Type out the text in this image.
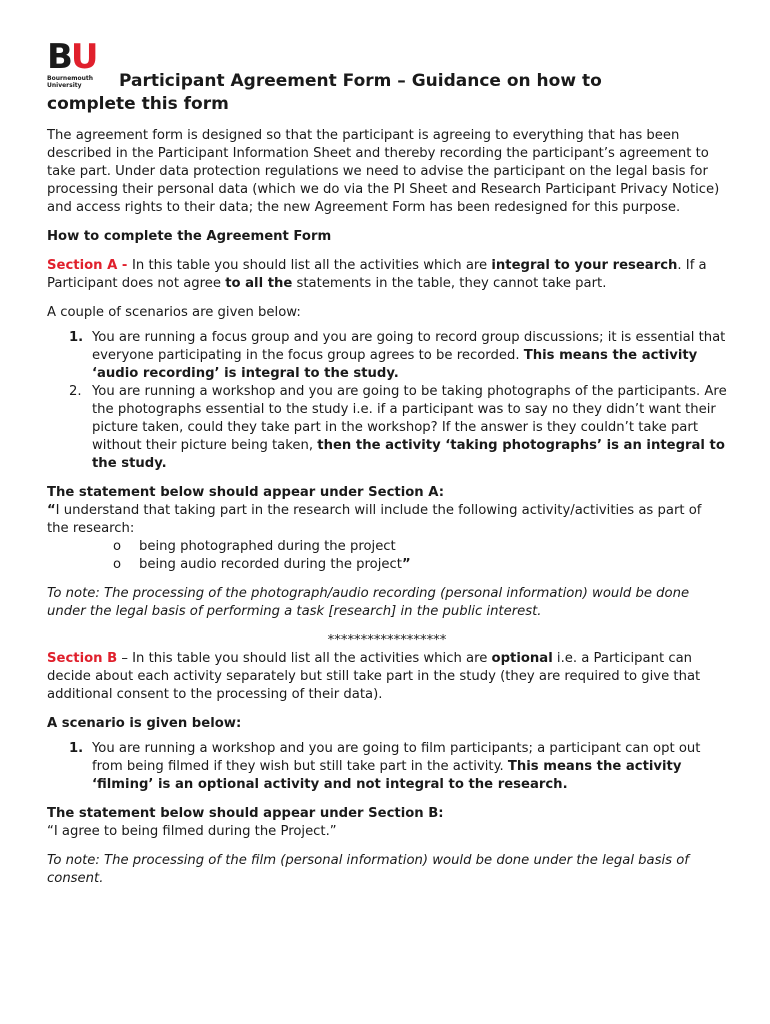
BU
Bournemouth
University	Participant Agreement Form – Guidance on how to
complete this form

The agreement form is designed so that the participant is agreeing to everything that has been described in the Participant Information Sheet and thereby recording the participant’s agreement to take part. Under data protection regulations we need to advise the participant on the legal basis for processing their personal data (which we do via the PI Sheet and Research Participant Privacy Notice) and access rights to their data; the new Agreement Form has been redesigned for this purpose.

How to complete the Agreement Form

Section A - In this table you should list all the activities which are integral to your research. If a Participant does not agree to all the statements in the table, they cannot take part.

A couple of scenarios are given below:

1. You are running a focus group and you are going to record group discussions; it is essential that everyone participating in the focus group agrees to be recorded. This means the activity ‘audio recording’ is integral to the study.
2. You are running a workshop and you are going to be taking photographs of the participants. Are the photographs essential to the study i.e. if a participant was to say no they didn’t want their picture taken, could they take part in the workshop? If the answer is they couldn’t take part without their picture being taken, then the activity ‘taking photographs’ is an integral to the study.

The statement below should appear under Section A:

“I understand that taking part in the research will include the following activity/activities as part of the research:

o being photographed during the project
o being audio recorded during the project”

To note: The processing of the photograph/audio recording (personal information) would be done under the legal basis of performing a task [research] in the public interest.

******************

Section B – In this table you should list all the activities which are optional i.e. a Participant can decide about each activity separately but still take part in the study (they are required to give that additional consent to the processing of their data).

A scenario is given below:

1. You are running a workshop and you are going to film participants; a participant can opt out from being filmed if they wish but still take part in the activity. This means the activity ‘filming’ is an optional activity and not integral to the research.

The statement below should appear under Section B:

“I agree to being filmed during the Project.”

To note: The processing of the film (personal information) would be done under the legal basis of consent.
